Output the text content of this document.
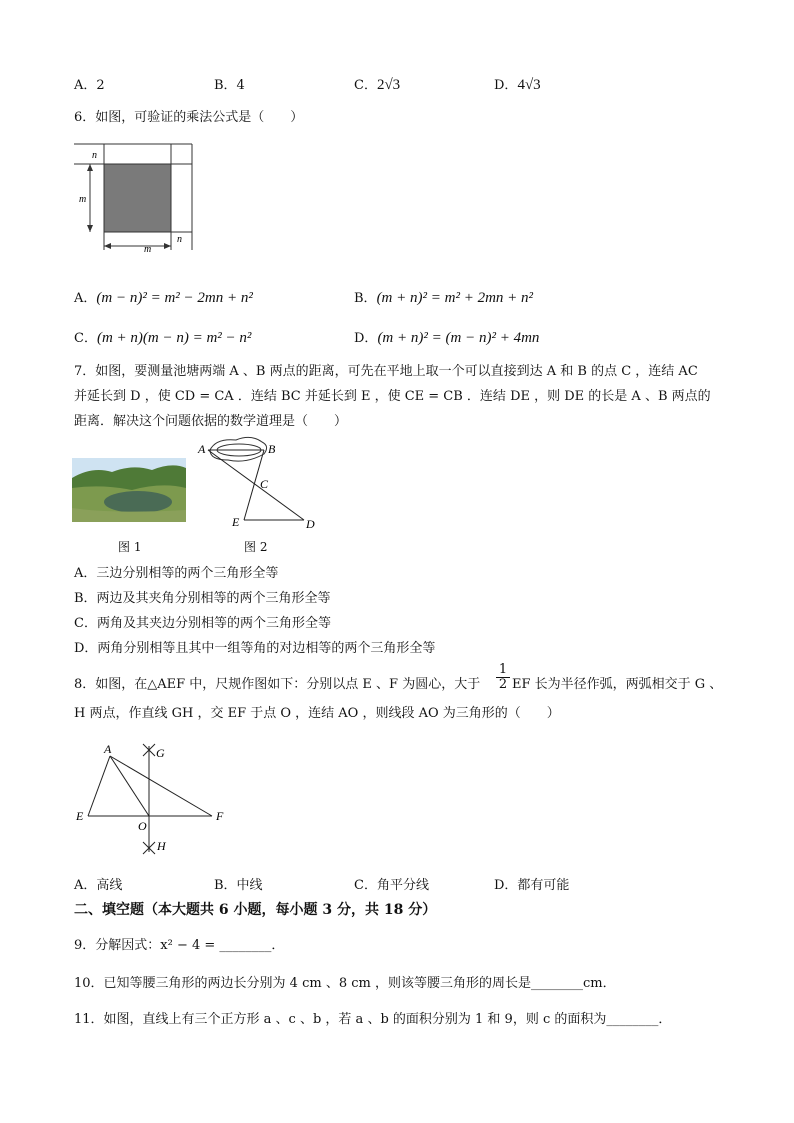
A．2	B．4	C．2√3	D．4√3
6．如图，可验证的乘法公式是（　　）
n
m
m
n
A．(m − n)² = m² − 2mn + n²	B．(m + n)² = m² + 2mn + n²
C．(m + n)(m − n) = m² − n²	D．(m + n)² = (m − n)² + 4mn
7．如图，要测量池塘两端 A 、B 两点的距离，可先在平地上取一个可以直接到达 A 和 B 的点 C ，连结 AC
并延长到 D ，使 CD = CA ．连结 BC 并延长到 E ，使 CE = CB ．连结 DE ，则 DE 的长是 A 、B 两点的
距离．解决这个问题依据的数学道理是（　　）
图 1
A	B
C
E	D
图 2
A．三边分别相等的两个三角形全等
B．两边及其夹角分别相等的两个三角形全等
C．两角及其夹边分别相等的两个三角形全等
D．两角分别相等且其中一组等角的对边相等的两个三角形全等
8．如图，在△AEF 中，尺规作图如下：分别以点 E 、F 为圆心，大于 $\frac{1}{2}$ EF 长为半径作弧，两弧相交于 G 、
H 两点，作直线 GH ，交 EF 于点 O ，连结 AO ，则线段 AO 为三角形的（　　）
A	G
E
O
F
H
A．高线	B．中线	C．角平分线	D．都有可能
二、填空题（本大题共 6 小题，每小题 3 分，共 18 分）
9．分解因式：x² − 4 = ________．
10．已知等腰三角形的两边长分别为 4 cm 、8 cm ，则该等腰三角形的周长是________cm．
11．如图，直线上有三个正方形 a 、c 、b ，若 a 、b 的面积分别为 1 和 9，则 c 的面积为________．
